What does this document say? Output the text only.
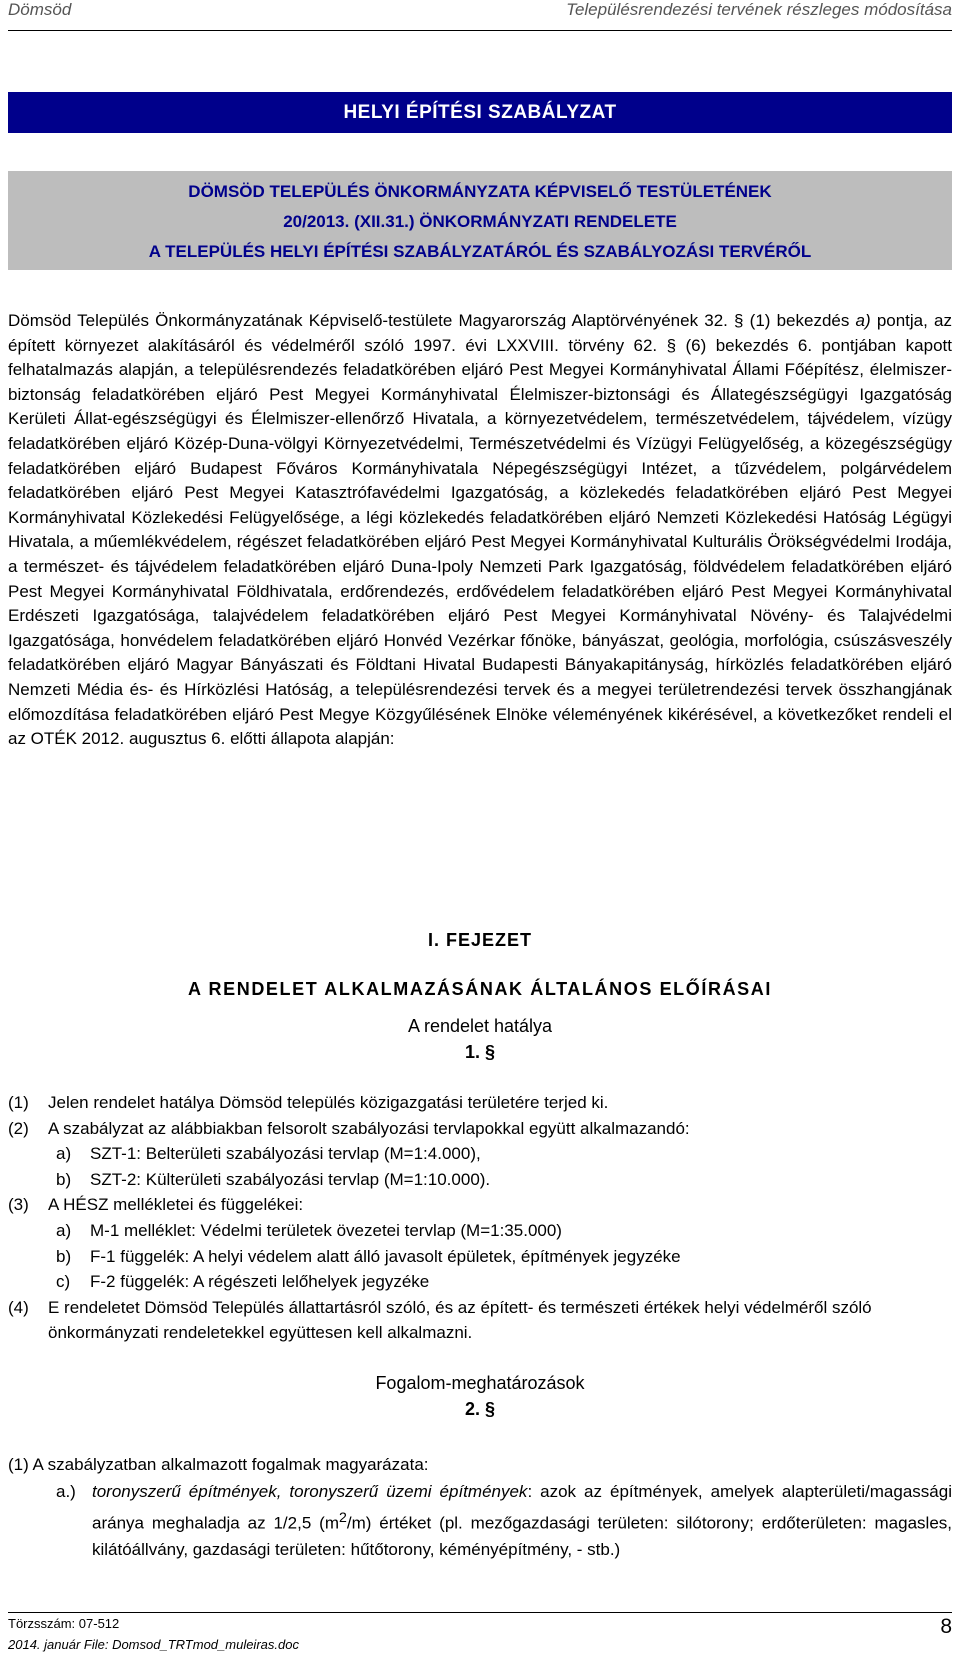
Dömsöd	Településrendezési tervének részleges módosítása
HELYI ÉPÍTÉSI SZABÁLYZAT
DÖMSÖD TELEPÜLÉS ÖNKORMÁNYZATA KÉPVISELŐ TESTÜLETÉNEK
20/2013. (XII.31.) ÖNKORMÁNYZATI RENDELETE
A TELEPÜLÉS HELYI ÉPÍTÉSI SZABÁLYZATÁRÓL ÉS SZABÁLYOZÁSI TERVÉRŐL
Dömsöd Település Önkormányzatának Képviselő-testülete Magyarország Alaptörvényének 32. § (1) bekezdés a) pontja, az épített környezet alakításáról és védelméről szóló 1997. évi LXXVIII. törvény 62. § (6) bekezdés 6. pontjában kapott felhatalmazás alapján, a településrendezés feladatkörében eljáró Pest Megyei Kormányhivatal Állami Főépítész, élelmiszer-biztonság feladatkörében eljáró Pest Megyei Kormányhivatal Élelmiszer-biztonsági és Állategészségügyi Igazgatóság Kerületi Állat-egészségügyi és Élelmiszer-ellenőrző Hivatala, a környezetvédelem, természetvédelem, tájvédelem, vízügy feladatkörében eljáró Közép-Duna-völgyi Környezetvédelmi, Természetvédelmi és Vízügyi Felügyelőség, a közegészségügy feladatkörében eljáró Budapest Főváros Kormányhivatala Népegészségügyi Intézet, a tűzvédelem, polgárvédelem feladatkörében eljáró Pest Megyei Katasztrófavédelmi Igazgatóság, a közlekedés feladatkörében eljáró Pest Megyei Kormányhivatal Közlekedési Felügyelősége, a légi közlekedés feladatkörében eljáró Nemzeti Közlekedési Hatóság Légügyi Hivatala, a műemlékvédelem, régészet feladatkörében eljáró Pest Megyei Kormányhivatal Kulturális Örökségvédelmi Irodája, a természet- és tájvédelem feladatkörében eljáró Duna-Ipoly Nemzeti Park Igazgatóság, földvédelem feladatkörében eljáró Pest Megyei Kormányhivatal Földhivatala, erdőrendezés, erdővédelem feladatkörében eljáró Pest Megyei Kormányhivatal Erdészeti Igazgatósága, talajvédelem feladatkörében eljáró Pest Megyei Kormányhivatal Növény- és Talajvédelmi Igazgatósága, honvédelem feladatkörében eljáró Honvéd Vezérkar főnöke, bányászat, geológia, morfológia, csúszásveszély feladatkörében eljáró Magyar Bányászati és Földtani Hivatal Budapesti Bányakapitányság, hírközlés feladatkörében eljáró Nemzeti Média és- és Hírközlési Hatóság, a településrendezési tervek és a megyei területrendezési tervek összhangjának előmozdítása feladatkörében eljáró Pest Megye Közgyűlésének Elnöke véleményének kikérésével, a következőket rendeli el az OTÉK 2012. augusztus 6. előtti állapota alapján:
I. FEJEZET
A RENDELET ALKALMAZÁSÁNAK ÁLTALÁNOS ELŐÍRÁSAI
A rendelet hatálya
1. §
(1) Jelen rendelet hatálya Dömsöd település közigazgatási területére terjed ki.
(2) A szabályzat az alábbiakban felsorolt szabályozási tervlapokkal együtt alkalmazandó:
a) SZT-1: Belterületi szabályozási tervlap (M=1:4.000),
b) SZT-2: Külterületi szabályozási tervlap (M=1:10.000).
(3) A HÉSZ mellékletei és függelékei:
a) M-1 melléklet: Védelmi területek övezetei tervlap (M=1:35.000)
b) F-1 függelék: A helyi védelem alatt álló javasolt épületek, építmények jegyzéke
c) F-2 függelék: A régészeti lelőhelyek jegyzéke
(4) E rendeletet Dömsöd Település állattartásról szóló, és az épített- és természeti értékek helyi védelméről szóló önkormányzati rendeletekkel együttesen kell alkalmazni.
Fogalom-meghatározások
2. §
(1) A szabályzatban alkalmazott fogalmak magyarázata:
a.) toronyszerű építmények, toronyszerű üzemi építmények: azok az építmények, amelyek alapterületi/magassági aránya meghaladja az 1/2,5 $(m^2/m)$ értéket (pl. mezőgazdasági területen: silótorony; erdőterületen: magasles, kilátóállvány, gazdasági területen: hűtőtorony, kéményépítmény, - stb.)
Törzsszám: 07-512
2014. január File: Domsod_TRTmod_muleiras.doc
8
